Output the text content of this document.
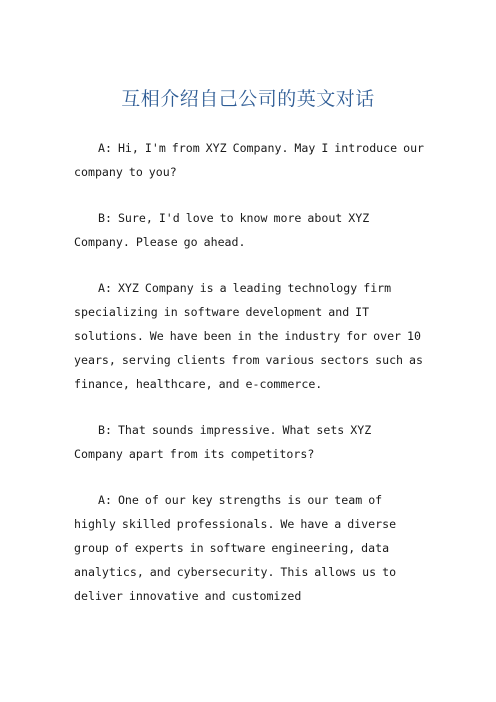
互相介绍自己公司的英文对话

A: Hi, I'm from XYZ Company. May I introduce our company to you?

B: Sure, I'd love to know more about XYZ Company. Please go ahead.

A: XYZ Company is a leading technology firm specializing in software development and IT solutions. We have been in the industry for over 10 years, serving clients from various sectors such as finance, healthcare, and e-commerce.

B: That sounds impressive. What sets XYZ Company apart from its competitors?

A: One of our key strengths is our team of highly skilled professionals. We have a diverse group of experts in software engineering, data analytics, and cybersecurity. This allows us to deliver innovative and customized
